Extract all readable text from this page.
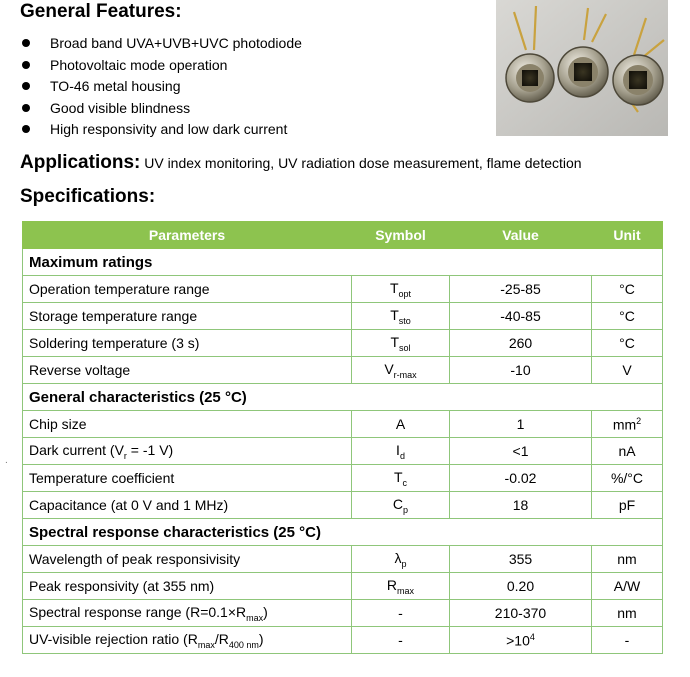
General Features:
Broad band UVA+UVB+UVC photodiode
Photovoltaic mode operation
TO-46 metal housing
Good visible blindness
High responsivity and low dark current
Applications: UV index monitoring, UV radiation dose measurement, flame detection
Specifications:
.
Parameters	Symbol	Value	Unit
Maximum ratings			
Operation temperature range	$T_{opt}$	-25-85	°C
Storage temperature range	$T_{sto}$	-40-85	°C
Soldering temperature (3 s)	$T_{sol}$	260	°C
Reverse voltage	$V_{r-max}$	-10	V
General characteristics (25 °C)			
Chip size	A	1	$mm^2$
Dark current ($V_r = -1$ V)	$I_d$	<1	nA
Temperature coefficient	$T_c$	-0.02	%/°C
Capacitance (at 0 V and 1 MHz)	$C_p$	18	pF
Spectral response characteristics (25 °C)			
Wavelength of peak responsivisity	$\lambda_p$	355	nm
Peak responsivity (at 355 nm)	$R_{max}$	0.20	A/W
Spectral response range $(R=0.1\times R_{max})$	-	210-370	nm
UV-visible rejection ratio $(R_{max}/R_{400 nm})$	-	$>10^4$	-
